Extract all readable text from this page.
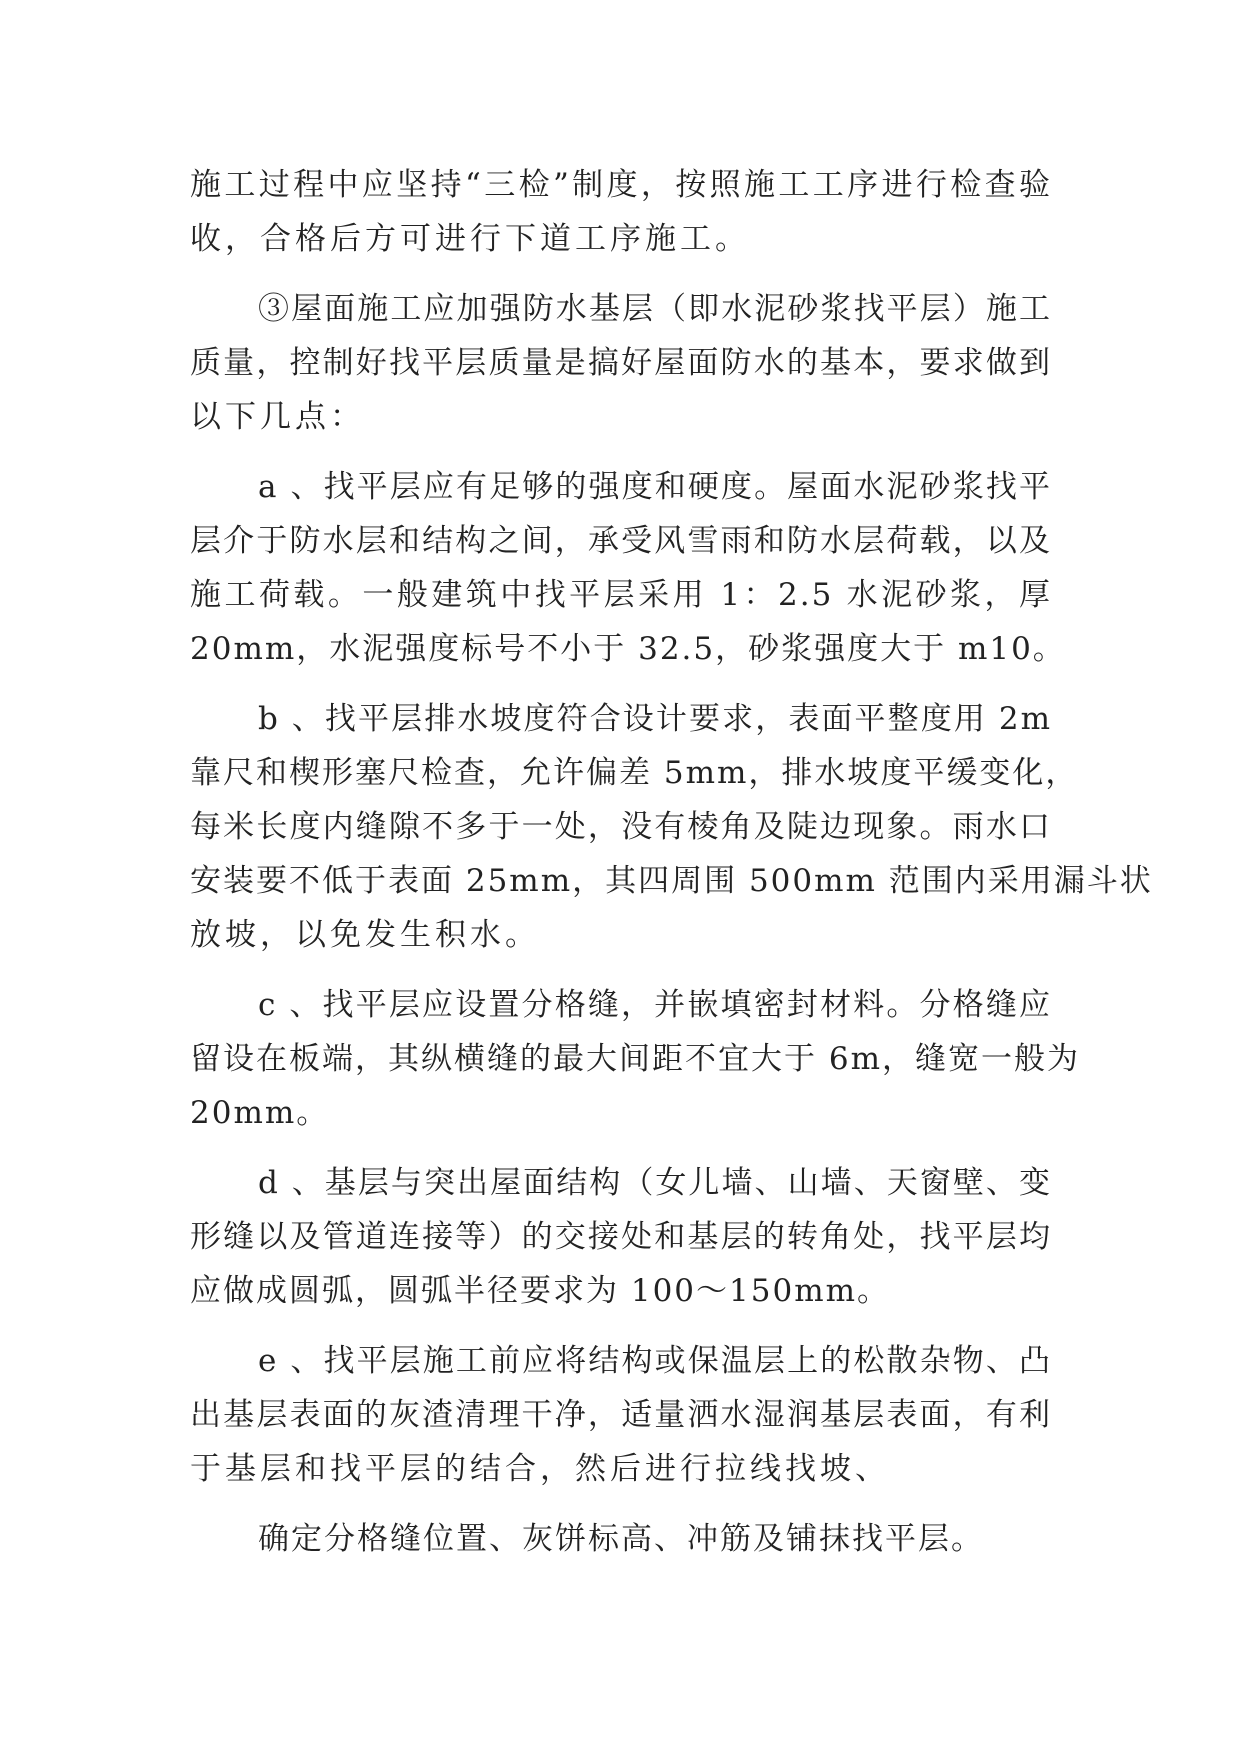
施工过程中应坚持“三检”制度，按照施工工序进行检查验
收，合格后方可进行下道工序施工。
③屋面施工应加强防水基层（即水泥砂浆找平层）施工
质量，控制好找平层质量是搞好屋面防水的基本，要求做到
以下几点：
a 、找平层应有足够的强度和硬度。屋面水泥砂浆找平
层介于防水层和结构之间，承受风雪雨和防水层荷载，以及
施工荷载。一般建筑中找平层采用 1：2.5 水泥砂浆，厚
20mm，水泥强度标号不小于 32.5，砂浆强度大于 m10。
b 、找平层排水坡度符合设计要求，表面平整度用 2m
靠尺和楔形塞尺检查，允许偏差 5mm，排水坡度平缓变化，
每米长度内缝隙不多于一处，没有棱角及陡边现象。雨水口
安装要不低于表面 25mm，其四周围 500mm 范围内采用漏斗状
放坡，以免发生积水。
c 、找平层应设置分格缝，并嵌填密封材料。分格缝应
留设在板端，其纵横缝的最大间距不宜大于 6m，缝宽一般为
20mm。
d 、基层与突出屋面结构（女儿墙、山墙、天窗壁、变
形缝以及管道连接等）的交接处和基层的转角处，找平层均
应做成圆弧，圆弧半径要求为 100～150mm。
e 、找平层施工前应将结构或保温层上的松散杂物、凸
出基层表面的灰渣清理干净，适量洒水湿润基层表面，有利
于基层和找平层的结合，然后进行拉线找坡、
确定分格缝位置、灰饼标高、冲筋及铺抹找平层。
